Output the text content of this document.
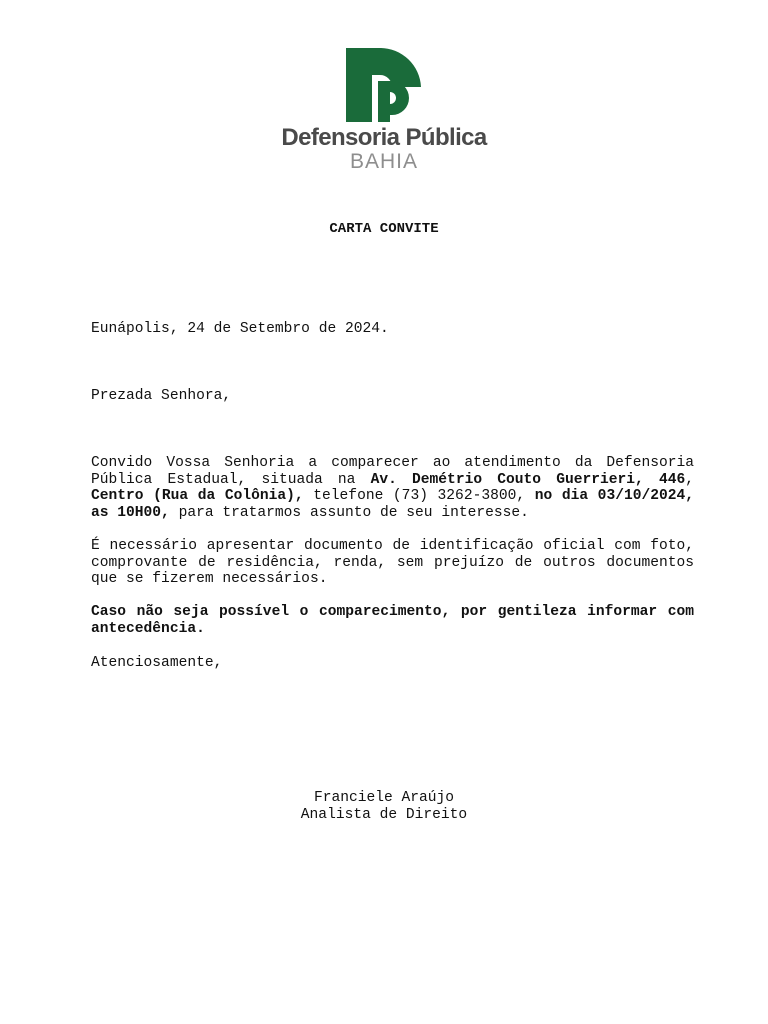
Defensoria Pública
BAHIA
CARTA CONVITE
Eunápolis, 24 de Setembro de 2024.
Prezada Senhora,

Convido Vossa Senhoria a comparecer ao atendimento da Defensoria Pública Estadual, situada na Av. Demétrio Couto Guerrieri, 446, Centro (Rua da Colônia), telefone (73) 3262-3800, no dia 03/10/2024, as 10H00, para tratarmos assunto de seu interesse.

É necessário apresentar documento de identificação oficial com foto, comprovante de residência, renda, sem prejuízo de outros documentos que se fizerem necessários.

Caso não seja possível o comparecimento, por gentileza informar com antecedência.

Atenciosamente,
Franciele Araújo
Analista de Direito
